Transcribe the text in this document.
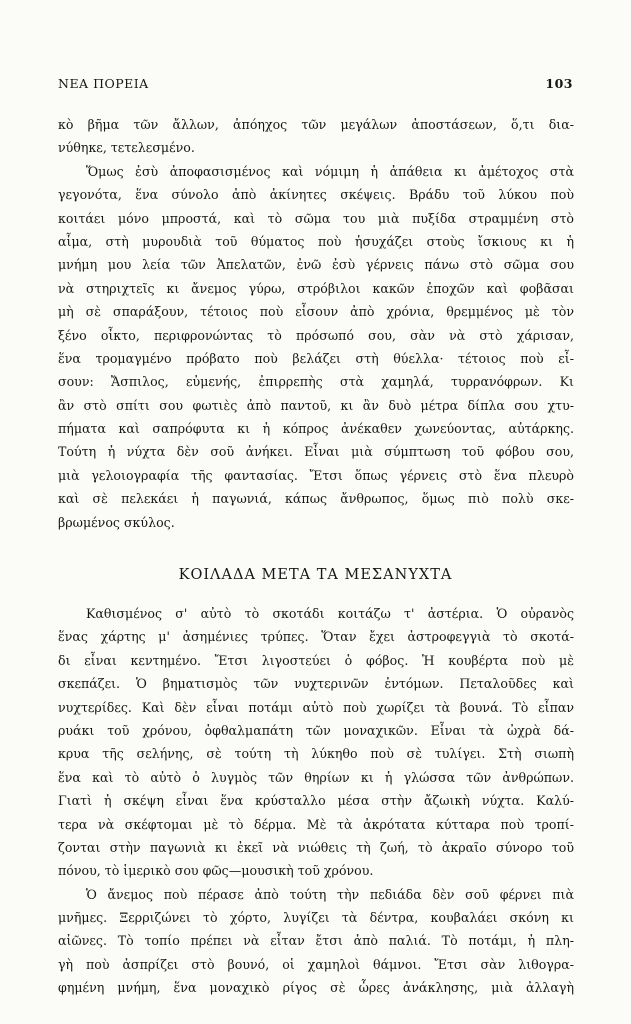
ΝΕΑ ΠΟΡΕΙΑ	103
κὸ βῆμα τῶν ἄλλων, ἀπόηχος τῶν μεγάλων ἀποστάσεων, ὅ,τι δια-
νύθηκε, τετελεσμένο.
Ὅμως ἐσὺ ἀποφασισμένος καὶ νόμιμη ἡ ἀπάθεια κι ἀμέτοχος στὰ
γεγονότα, ἕνα σύνολο ἀπὸ ἀκίνητες σκέψεις. Βράδυ τοῦ λύκου ποὺ
κοιτάει μόνο μπροστά, καὶ τὸ σῶμα του μιὰ πυξίδα στραμμένη στὸ
αἷμα, στὴ μυρουδιὰ τοῦ θύματος ποὺ ἡσυχάζει στοὺς ἴσκιους κι ἡ
μνήμη μου λεία τῶν Ἀπελατῶν, ἐνῶ ἐσὺ γέρνεις πάνω στὸ σῶμα σου
νὰ στηριχτεῖς κι ἄνεμος γύρω, στρόβιλοι κακῶν ἐποχῶν καὶ φοβᾶσαι
μὴ σὲ σπαράξουν, τέτοιος ποὺ εἶσουν ἀπὸ χρόνια, θρεμμένος μὲ τὸν
ξένο οἶκτο, περιφρονώντας τὸ πρόσωπό σου, σὰν νὰ στὸ χάρισαν,
ἕνα τρομαγμένο πρόβατο ποὺ βελάζει στὴ θύελλα· τέτοιος ποὺ εἶ-
σουν: Ἄσπιλος, εὐμενής, ἐπιρρεπὴς στὰ χαμηλά, τυρρανόφρων. Κι
ἂν στὸ σπίτι σου φωτιὲς ἀπὸ παντοῦ, κι ἂν δυὸ μέτρα δίπλα σου χτυ-
πήματα καὶ σαπρόφυτα κι ἡ κόπρος ἀνέκαθεν χωνεύοντας, αὐτάρκης.
Τούτη ἡ νύχτα δὲν σοῦ ἀνήκει. Εἶναι μιὰ σύμπτωση τοῦ φόβου σου,
μιὰ γελοιογραφία τῆς φαντασίας. Ἔτσι ὅπως γέρνεις στὸ ἕνα πλευρὸ
καὶ σὲ πελεκάει ἡ παγωνιά, κάπως ἄνθρωπος, ὅμως πιὸ πολὺ σκε-
βρωμένος σκύλος.
ΚΟΙΛΑΔΑ ΜΕΤΑ ΤΑ ΜΕΣΑΝΥΧΤΑ
Καθισμένος σ' αὐτὸ τὸ σκοτάδι κοιτάζω τ' ἀστέρια. Ὁ οὐρανὸς
ἕνας χάρτης μ' ἀσημένιες τρύπες. Ὅταν ἔχει ἀστροφεγγιὰ τὸ σκοτά-
δι εἶναι κεντημένο. Ἔτσι λιγοστεύει ὁ φόβος. Ἡ κουβέρτα ποὺ μὲ
σκεπάζει. Ὁ βηματισμὸς τῶν νυχτερινῶν ἐντόμων. Πεταλοῦδες καὶ
νυχτερίδες. Καὶ δὲν εἶναι ποτάμι αὐτὸ ποὺ χωρίζει τὰ βουνά. Τὸ εἶπαν
ρυάκι τοῦ χρόνου, ὀφθαλμαπάτη τῶν μοναχικῶν. Εἶναι τὰ ὠχρὰ δά-
κρυα τῆς σελήνης, σὲ τούτη τὴ λύκηθο ποὺ σὲ τυλίγει. Στὴ σιωπὴ
ἕνα καὶ τὸ αὐτὸ ὁ λυγμὸς τῶν θηρίων κι ἡ γλώσσα τῶν ἀνθρώπων.
Γιατὶ ἡ σκέψη εἶναι ἕνα κρύσταλλο μέσα στὴν ἄζωικὴ νύχτα. Καλύ-
τερα νὰ σκέφτομαι μὲ τὸ δέρμα. Μὲ τὰ ἀκρότατα κύτταρα ποὺ τροπί-
ζονται στὴν παγωνιὰ κι ἐκεῖ νὰ νιώθεις τὴ ζωή, τὸ ἀκραῖο σύνορο τοῦ
πόνου, τὸ ἱμερικὸ σου φῶς—μουσικὴ τοῦ χρόνου.
Ὁ ἄνεμος ποὺ πέρασε ἀπὸ τούτη τὴν πεδιάδα δὲν σοῦ φέρνει πιὰ
μνῆμες. Ξερριζώνει τὸ χόρτο, λυγίζει τὰ δέντρα, κουβαλάει σκόνη κι
αἰῶνες. Τὸ τοπίο πρέπει νὰ εἶταν ἔτσι ἀπὸ παλιά. Τὸ ποτάμι, ἡ πλη-
γὴ ποὺ ἀσπρίζει στὸ βουνό, οἱ χαμηλοὶ θάμνοι. Ἔτσι σὰν λιθογρα-
φημένη μνήμη, ἕνα μοναχικὸ ρίγος σὲ ὧρες ἀνάκλησης, μιὰ ἀλλαγὴ
